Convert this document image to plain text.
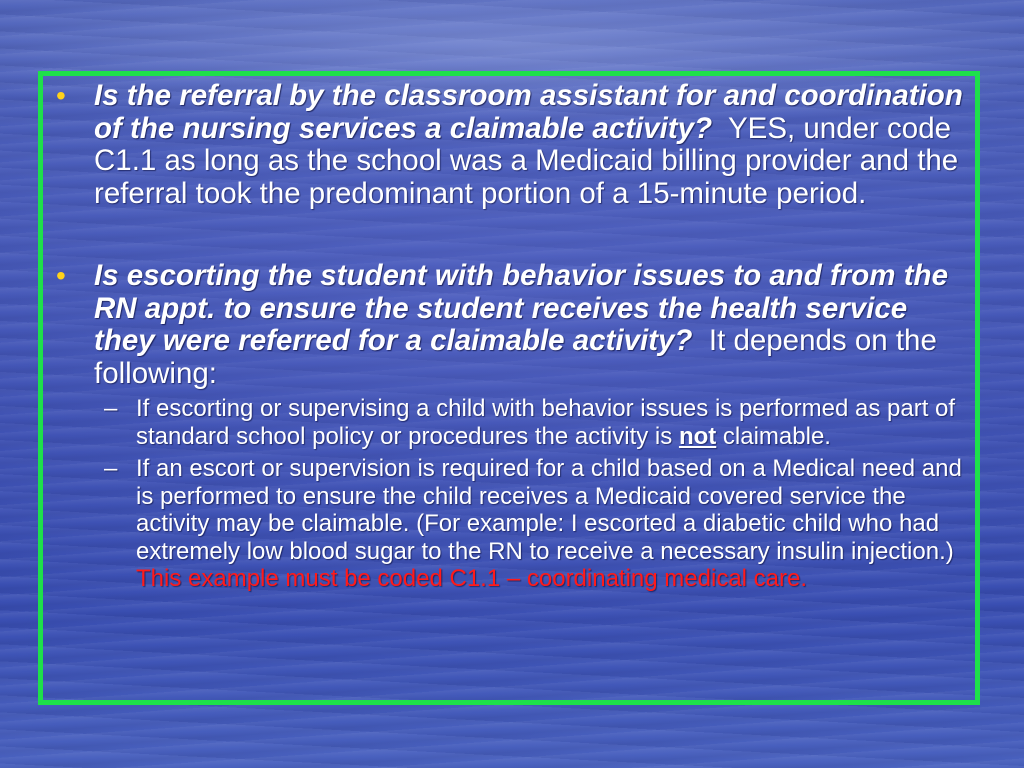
• Is the referral by the classroom assistant for and coordination of the nursing services a claimable activity? YES, under code C1.1 as long as the school was a Medicaid billing provider and the referral took the predominant portion of a 15-minute period.
• Is escorting the student with behavior issues to and from the RN appt. to ensure the student receives the health service they were referred for a claimable activity? It depends on the following:
– If escorting or supervising a child with behavior issues is performed as part of standard school policy or procedures the activity is not claimable.
– If an escort or supervision is required for a child based on a Medical need and is performed to ensure the child receives a Medicaid covered service the activity may be claimable. (For example: I escorted a diabetic child who had extremely low blood sugar to the RN to receive a necessary insulin injection.) This example must be coded C1.1 – coordinating medical care.
